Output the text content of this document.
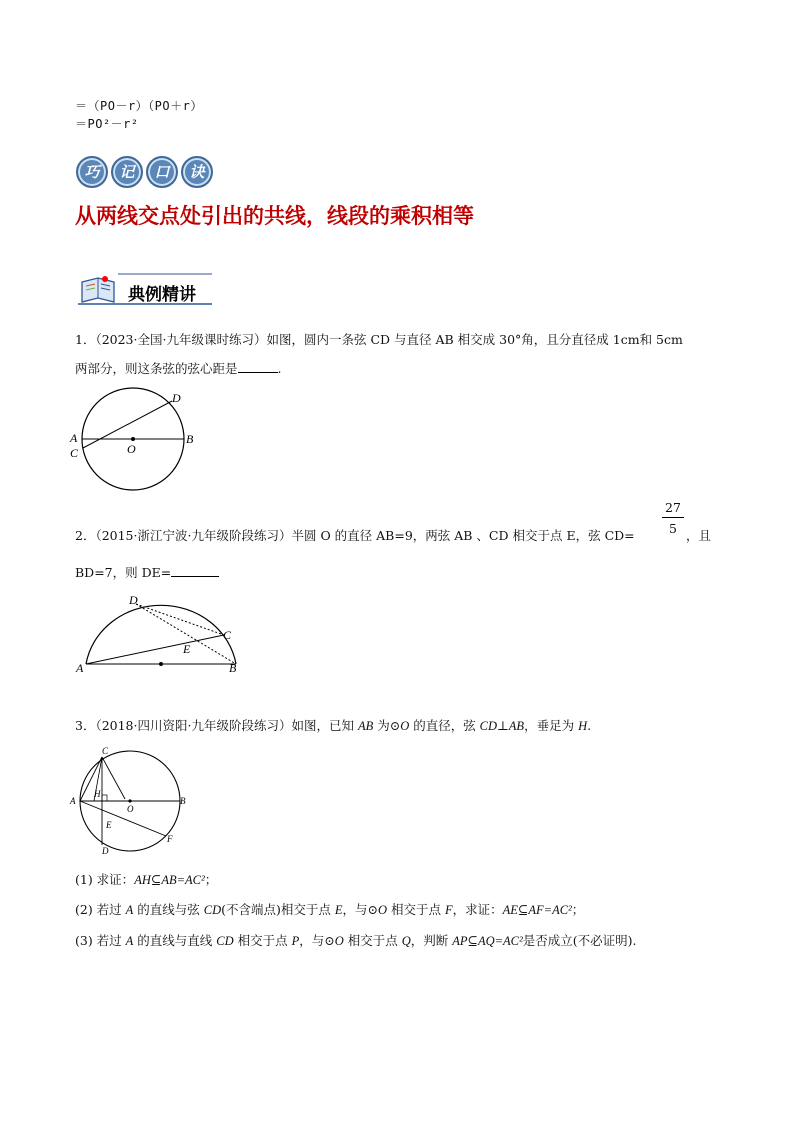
＝（PO－r）（PO＋r）
＝PO²－r²
巧	记	口	诀
从两线交点处引出的共线，线段的乘积相等
典例精讲
1．（2023·全国·九年级课时练习）如图，圆内一条弦 CD 与直径 AB 相交成 30°角，且分直径成 1cm和 5cm
两部分，则这条弦的弦心距是	.
A
C
B
D
O
2．（2015·浙江宁波·九年级阶段练习）半圆 O 的直径 AB=9，两弦 AB 、CD 相交于点 E，弦 CD=
27
5 ，且
BD=7，则 DE=
A	B
C
D
E
3．（2018·四川资阳·九年级阶段练习）如图，已知 AB 为⊙O 的直径，弦 CD⊥AB，垂足为 H.
A	B
C
D
E
F
H
O
(1) 求证：AH⊆AB=AC²；
(2) 若过 A 的直线与弦 CD(不含端点)相交于点 E，与⊙O 相交于点 F，求证：AE⊆AF=AC²；
(3) 若过 A 的直线与直线 CD 相交于点 P，与⊙O 相交于点 Q，判断 AP⊆AQ=AC²是否成立(不必证明).
